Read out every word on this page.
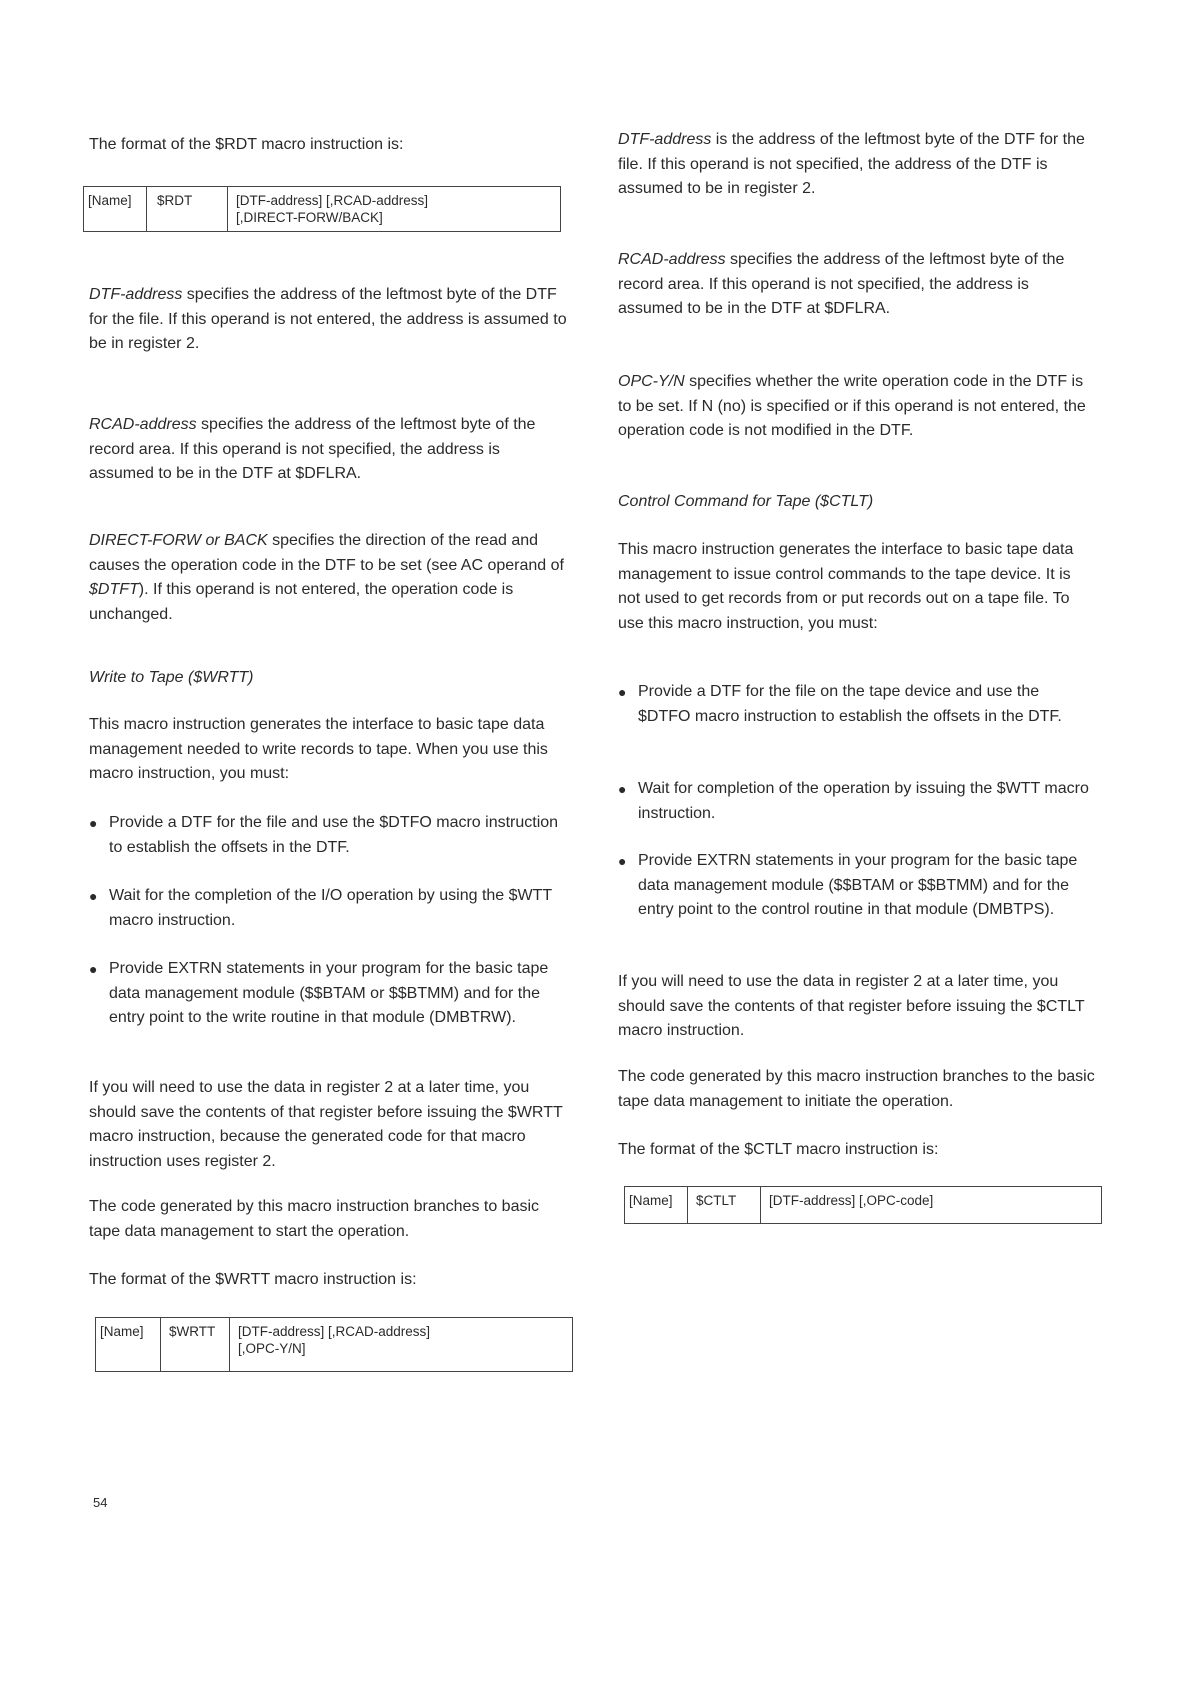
The format of the $RDT macro instruction is:

[Name]	$RDT	[DTF-address] [,RCAD-address]
[,DIRECT-FORW/BACK]

DTF-address specifies the address of the leftmost byte of the DTF for the file. If this operand is not entered, the address is assumed to be in register 2.

RCAD-address specifies the address of the leftmost byte of the record area. If this operand is not specified, the address is assumed to be in the DTF at $DFLRA.

DIRECT-FORW or BACK specifies the direction of the read and causes the operation code in the DTF to be set (see AC operand of $DTFT). If this operand is not entered, the operation code is unchanged.

Write to Tape ($WRTT)

This macro instruction generates the interface to basic tape data management needed to write records to tape. When you use this macro instruction, you must:

● Provide a DTF for the file and use the $DTFO macro instruction to establish the offsets in the DTF.
● Wait for the completion of the I/O operation by using the $WTT macro instruction.
● Provide EXTRN statements in your program for the basic tape data management module ($$BTAM or $$BTMM) and for the entry point to the write routine in that module (DMBTRW).

If you will need to use the data in register 2 at a later time, you should save the contents of that register before issuing the $WRTT macro instruction, because the generated code for that macro instruction uses register 2.

The code generated by this macro instruction branches to basic tape data management to start the operation.

The format of the $WRTT macro instruction is:

[Name]	$WRTT	[DTF-address] [,RCAD-address]
[,OPC-Y/N]

DTF-address is the address of the leftmost byte of the DTF for the file. If this operand is not specified, the address of the DTF is assumed to be in register 2.

RCAD-address specifies the address of the leftmost byte of the record area. If this operand is not specified, the address is assumed to be in the DTF at $DFLRA.

OPC-Y/N specifies whether the write operation code in the DTF is to be set. If N (no) is specified or if this operand is not entered, the operation code is not modified in the DTF.

Control Command for Tape ($CTLT)

This macro instruction generates the interface to basic tape data management to issue control commands to the tape device. It is not used to get records from or put records out on a tape file. To use this macro instruction, you must:

● Provide a DTF for the file on the tape device and use the $DTFO macro instruction to establish the offsets in the DTF.
● Wait for completion of the operation by issuing the $WTT macro instruction.
● Provide EXTRN statements in your program for the basic tape data management module ($$BTAM or $$BTMM) and for the entry point to the control routine in that module (DMBTPS).

If you will need to use the data in register 2 at a later time, you should save the contents of that register before issuing the $CTLT macro instruction.

The code generated by this macro instruction branches to the basic tape data management to initiate the operation.

The format of the $CTLT macro instruction is:

[Name]	$CTLT	[DTF-address] [,OPC-code]
54
